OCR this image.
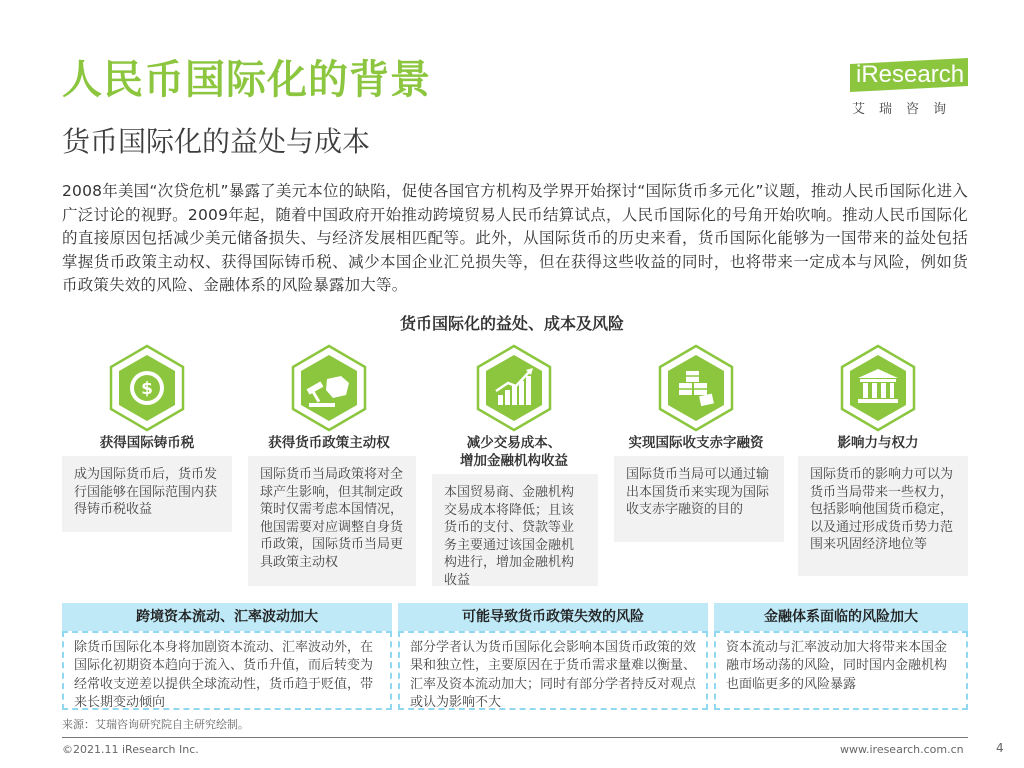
人民币国际化的背景
货币国际化的益处与成本
iResearch
艾瑞咨询
2008年美国“次贷危机”暴露了美元本位的缺陷，促使各国官方机构及学界开始探讨“国际货币多元化”议题，推动人民币国际化进入广泛讨论的视野。2009年起，随着中国政府开始推动跨境贸易人民币结算试点，人民币国际化的号角开始吹响。推动人民币国际化的直接原因包括减少美元储备损失、与经济发展相匹配等。此外，从国际货币的历史来看，货币国际化能够为一国带来的益处包括掌握货币政策主动权、获得国际铸币税、减少本国企业汇兑损失等，但在获得这些收益的同时，也将带来一定成本与风险，例如货币政策失效的风险、金融体系的风险暴露加大等。
货币国际化的益处、成本及风险
$
获得国际铸币税	获得货币政策主动权	减少交易成本、
增加金融机构收益
实现国际收支赤字融资	影响力与权力
成为国际货币后，货币发行国能够在国际范围内获得铸币税收益
国际货币当局政策将对全球产生影响，但其制定政策时仅需考虑本国情况，他国需要对应调整自身货币政策，国际货币当局更具政策主动权
本国贸易商、金融机构交易成本将降低；且该货币的支付、贷款等业务主要通过该国金融机构进行，增加金融机构收益
国际货币当局可以通过输出本国货币来实现为国际收支赤字融资的目的
国际货币的影响力可以为货币当局带来一些权力，包括影响他国货币稳定，以及通过形成货币势力范围来巩固经济地位等
跨境资本流动、汇率波动加大
除货币国际化本身将加剧资本流动、汇率波动外，在国际化初期资本趋向于流入、货币升值，而后转变为经常收支逆差以提供全球流动性，货币趋于贬值，带来长期变动倾向
可能导致货币政策失效的风险
部分学者认为货币国际化会影响本国货币政策的效果和独立性，主要原因在于货币需求量难以衡量、汇率及资本流动加大；同时有部分学者持反对观点或认为影响不大
金融体系面临的风险加大
资本流动与汇率波动加大将带来本国金融市场动荡的风险，同时国内金融机构也面临更多的风险暴露
来源：艾瑞咨询研究院自主研究绘制。
©2021.11 iResearch Inc.	www.iresearch.com.cn	4
